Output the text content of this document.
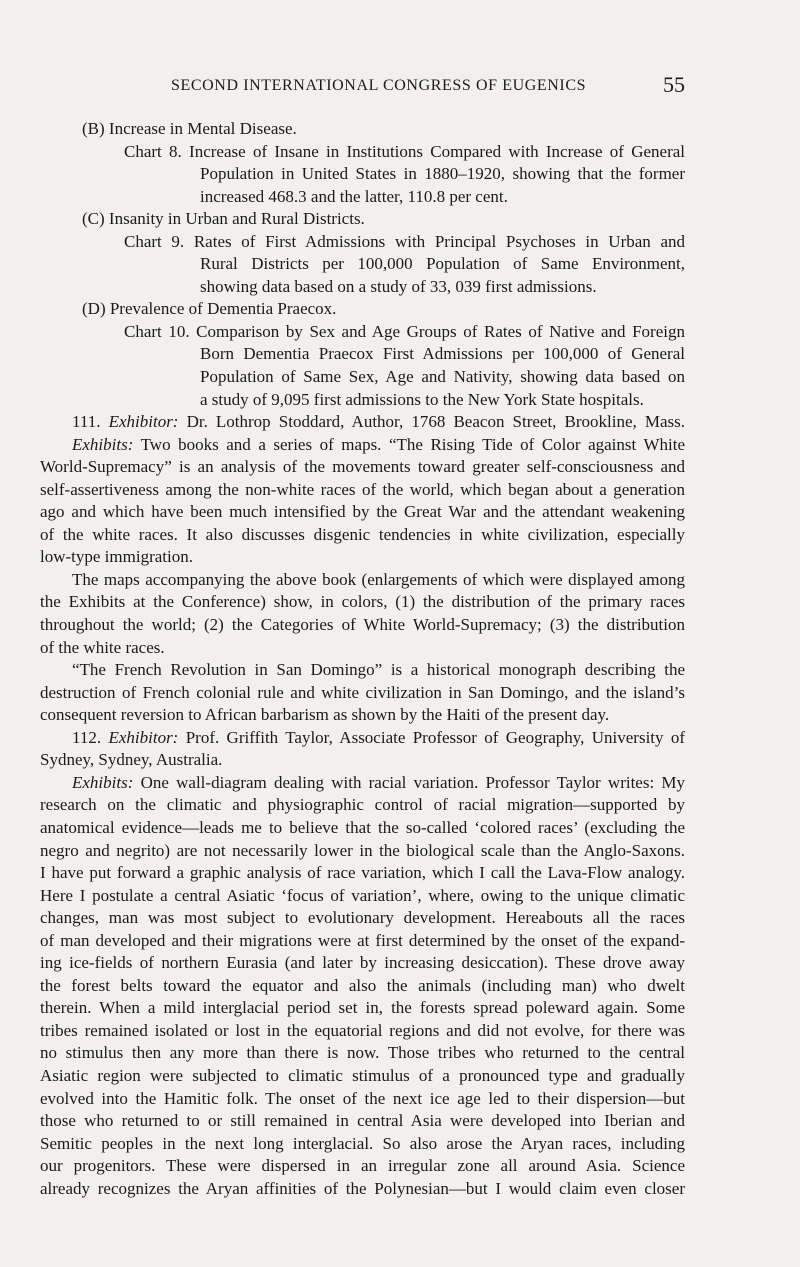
SECOND INTERNATIONAL CONGRESS OF EUGENICS	55

(B) Increase in Mental Disease.

Chart 8. Increase of Insane in Institutions Compared with Increase of General

Population in United States in 1880–1920, showing that the former

increased 468.3 and the latter, 110.8 per cent.

(C) Insanity in Urban and Rural Districts.

Chart 9. Rates of First Admissions with Principal Psychoses in Urban and

Rural Districts per 100,000 Population of Same Environment,

showing data based on a study of 33, 039 first admissions.

(D) Prevalence of Dementia Praecox.

Chart 10. Comparison by Sex and Age Groups of Rates of Native and Foreign

Born Dementia Praecox First Admissions per 100,000 of General

Population of Same Sex, Age and Nativity, showing data based on

a study of 9,095 first admissions to the New York State hospitals.

111. Exhibitor: Dr. Lothrop Stoddard, Author, 1768 Beacon Street, Brookline, Mass.

Exhibits: Two books and a series of maps. “The Rising Tide of Color against White

World-Supremacy” is an analysis of the movements toward greater self-consciousness and

self-assertiveness among the non-white races of the world, which began about a generation

ago and which have been much intensified by the Great War and the attendant weakening

of the white races. It also discusses disgenic tendencies in white civilization, especially

low-type immigration.

The maps accompanying the above book (enlargements of which were displayed among

the Exhibits at the Conference) show, in colors, (1) the distribution of the primary races

throughout the world; (2) the Categories of White World-Supremacy; (3) the distribution

of the white races.

“The French Revolution in San Domingo” is a historical monograph describing the

destruction of French colonial rule and white civilization in San Domingo, and the island’s

consequent reversion to African barbarism as shown by the Haiti of the present day.

112. Exhibitor: Prof. Griffith Taylor, Associate Professor of Geography, University of

Sydney, Sydney, Australia.

Exhibits: One wall-diagram dealing with racial variation. Professor Taylor writes: My

research on the climatic and physiographic control of racial migration—supported by

anatomical evidence—leads me to believe that the so-called ‘colored races’ (excluding the

negro and negrito) are not necessarily lower in the biological scale than the Anglo-Saxons.

I have put forward a graphic analysis of race variation, which I call the Lava-Flow analogy.

Here I postulate a central Asiatic ‘focus of variation’, where, owing to the unique climatic

changes, man was most subject to evolutionary development. Hereabouts all the races

of man developed and their migrations were at first determined by the onset of the expand-

ing ice-fields of northern Eurasia (and later by increasing desiccation). These drove away

the forest belts toward the equator and also the animals (including man) who dwelt

therein. When a mild interglacial period set in, the forests spread poleward again. Some

tribes remained isolated or lost in the equatorial regions and did not evolve, for there was

no stimulus then any more than there is now. Those tribes who returned to the central

Asiatic region were subjected to climatic stimulus of a pronounced type and gradually

evolved into the Hamitic folk. The onset of the next ice age led to their dispersion—but

those who returned to or still remained in central Asia were developed into Iberian and

Semitic peoples in the next long interglacial. So also arose the Aryan races, including

our progenitors. These were dispersed in an irregular zone all around Asia. Science

already recognizes the Aryan affinities of the Polynesian—but I would claim even closer
